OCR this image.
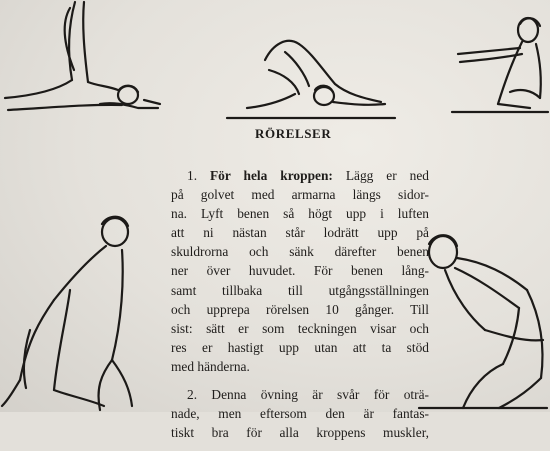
RÖRELSER

1. För hela kroppen: Lägg er ned
på golvet med armarna längs sidor-
na. Lyft benen så högt upp i luften
att ni nästan står lodrätt upp på
skuldrorna och sänk därefter benen
ner över huvudet. För benen lång-
samt tillbaka till utgångsställningen
och upprepa rörelsen 10 gånger. Till
sist: sätt er som teckningen visar och
res er hastigt upp utan att ta stöd
med händerna.

2. Denna övning är svår för oträ-
nade, men eftersom den är fantas-
tiskt bra för alla kroppens muskler,
